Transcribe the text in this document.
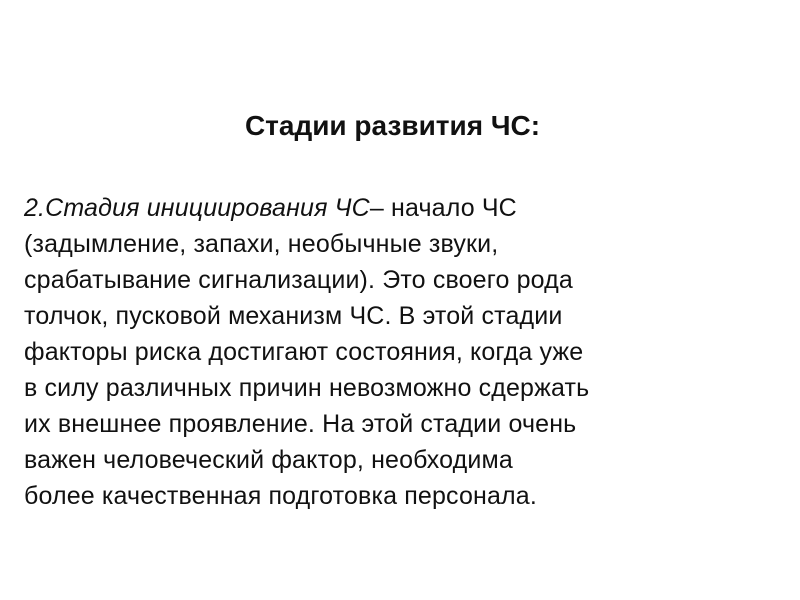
Стадии развития ЧС:

2.Стадия инициирования ЧС– начало ЧС
(задымление, запахи, необычные звуки,
срабатывание сигнализации). Это своего рода
толчок, пусковой механизм ЧС. В этой стадии
факторы риска достигают состояния, когда уже
в силу различных причин невозможно сдержать
их внешнее проявление. На этой стадии очень
важен человеческий фактор, необходима
более качественная подготовка персонала.
